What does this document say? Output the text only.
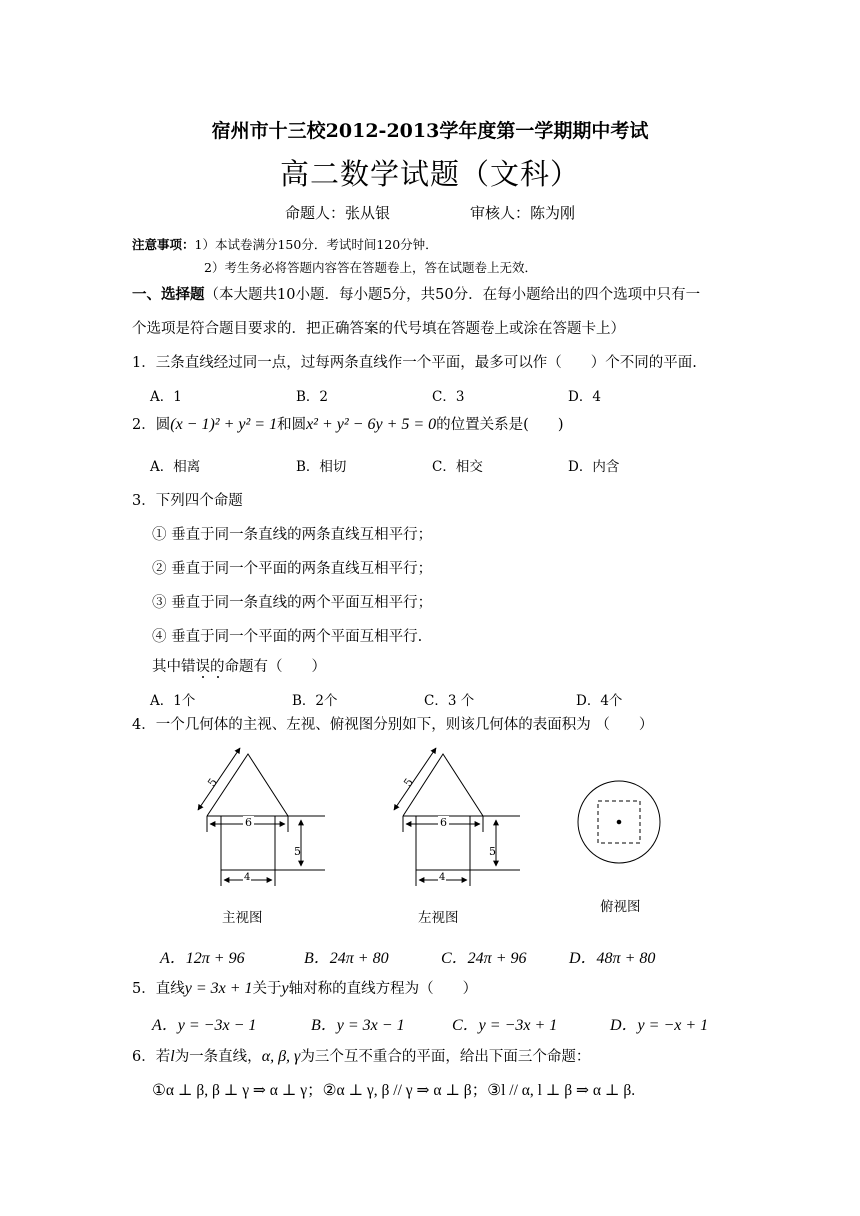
宿州市十三校2012-2013学年度第一学期期中考试
高二数学试题（文科）
命题人：张从银	审核人：陈为刚
注意事项：1）本试卷满分150分．考试时间120分钟．
2）考生务必将答题内容答在答题卷上，答在试题卷上无效．
一、选择题（本大题共10小题．每小题5分，共50分．在每小题给出的四个选项中只有一
个选项是符合题目要求的．把正确答案的代号填在答题卷上或涂在答题卡上）
1．三条直线经过同一点，过每两条直线作一个平面，最多可以作（　　）个不同的平面.
A．1	B．2	C．3	D．4
2．圆(x − 1)² + y² = 1和圆x² + y² − 6y + 5 = 0的位置关系是(　　)
A．相离	B．相切	C．相交	D．内含
3．下列四个命题
① 垂直于同一条直线的两条直线互相平行；
② 垂直于同一个平面的两条直线互相平行；
③ 垂直于同一条直线的两个平面互相平行；
④ 垂直于同一个平面的两个平面互相平行.
其中错误的命题有（　　）
A．1个	B．2个	C．3 个	D．4个
4．一个几何体的主视、左视、俯视图分别如下，则该几何体的表面积为 （　　）
5
6
5
4
5
6
5
4
主视图	左视图
俯视图
A．12π + 96	B．24π + 80	C．24π + 96	D．48π + 80
5．直线y = 3x + 1关于y轴对称的直线方程为（　　）
A．y = −3x − 1	B．y = 3x − 1	C．y = −3x + 1	D．y = −x + 1
6．若l为一条直线，α, β, γ为三个互不重合的平面，给出下面三个命题：
①α ⊥ β, β ⊥ γ ⇒ α ⊥ γ；②α ⊥ γ, β // γ ⇒ α ⊥ β；③l // α, l ⊥ β ⇒ α ⊥ β.
